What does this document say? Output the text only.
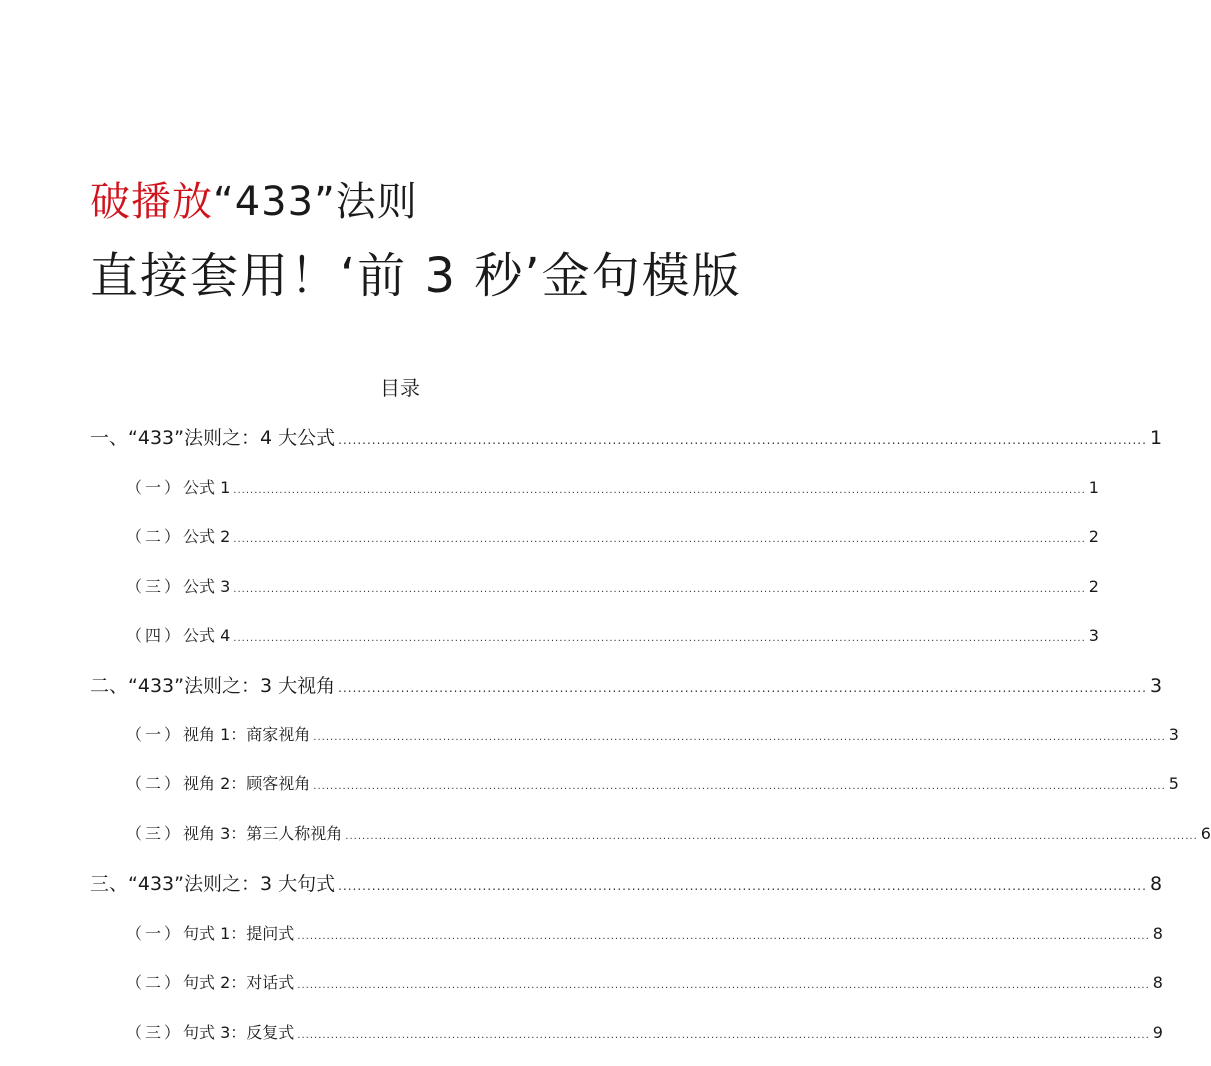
破播放“433”法则
直接套用！‘前 3 秒’金句模版
目录
一、 “433”法则之：4 大公式 ........................................................................................................................................................................ 1
（一） 公式 1 ............................................................................................................................................................................................................ 1
（二） 公式 2 ............................................................................................................................................................................................................ 2
（三） 公式 3 ............................................................................................................................................................................................................ 2
（四） 公式 4 ............................................................................................................................................................................................................ 3
二、 “433”法则之：3 大视角 ........................................................................................................................................................................ 3
（一） 视角 1：商家视角 ............................................................................................................................................................................................................ 3
（二） 视角 2：顾客视角 ............................................................................................................................................................................................................ 5
（三） 视角 3：第三人称视角 ............................................................................................................................................................................................................ 6
三、 “433”法则之：3 大句式 ........................................................................................................................................................................ 8
（一） 句式 1：提问式 ............................................................................................................................................................................................................ 8
（二） 句式 2：对话式 ............................................................................................................................................................................................................ 8
（三） 句式 3：反复式 ............................................................................................................................................................................................................ 9
